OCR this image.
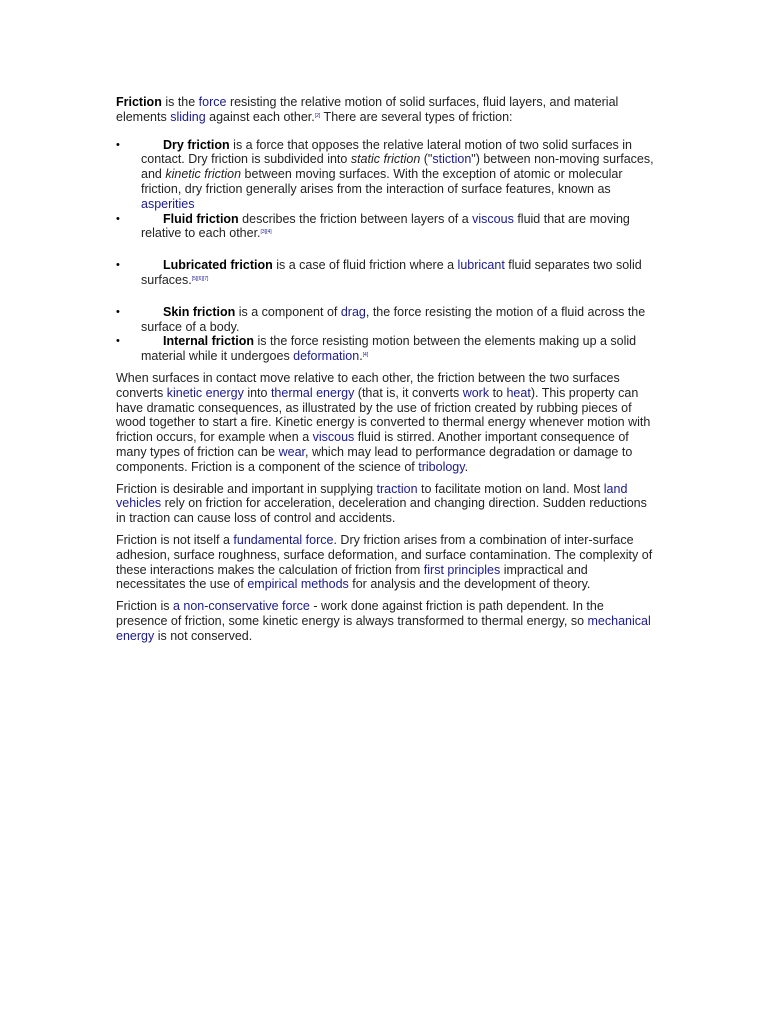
Friction is the force resisting the relative motion of solid surfaces, fluid layers, and material elements sliding against each other.[2] There are several types of friction:

•	Dry friction is a force that opposes the relative lateral motion of two solid surfaces in contact. Dry friction is subdivided into static friction ("stiction") between non-moving surfaces, and kinetic friction between moving surfaces. With the exception of atomic or molecular friction, dry friction generally arises from the interaction of surface features, known as asperities
•	Fluid friction describes the friction between layers of a viscous fluid that are moving relative to each other.[3][4]
•	Lubricated friction is a case of fluid friction where a lubricant fluid separates two solid surfaces.[5][6][7]
•	Skin friction is a component of drag, the force resisting the motion of a fluid across the surface of a body.
•	Internal friction is the force resisting motion between the elements making up a solid material while it undergoes deformation.[4]

When surfaces in contact move relative to each other, the friction between the two surfaces converts kinetic energy into thermal energy (that is, it converts work to heat). This property can have dramatic consequences, as illustrated by the use of friction created by rubbing pieces of wood together to start a fire. Kinetic energy is converted to thermal energy whenever motion with friction occurs, for example when a viscous fluid is stirred. Another important consequence of many types of friction can be wear, which may lead to performance degradation or damage to components. Friction is a component of the science of tribology.

Friction is desirable and important in supplying traction to facilitate motion on land. Most land vehicles rely on friction for acceleration, deceleration and changing direction. Sudden reductions in traction can cause loss of control and accidents.

Friction is not itself a fundamental force. Dry friction arises from a combination of inter-surface adhesion, surface roughness, surface deformation, and surface contamination. The complexity of these interactions makes the calculation of friction from first principles impractical and necessitates the use of empirical methods for analysis and the development of theory.

Friction is a non-conservative force - work done against friction is path dependent. In the presence of friction, some kinetic energy is always transformed to thermal energy, so mechanical energy is not conserved.
